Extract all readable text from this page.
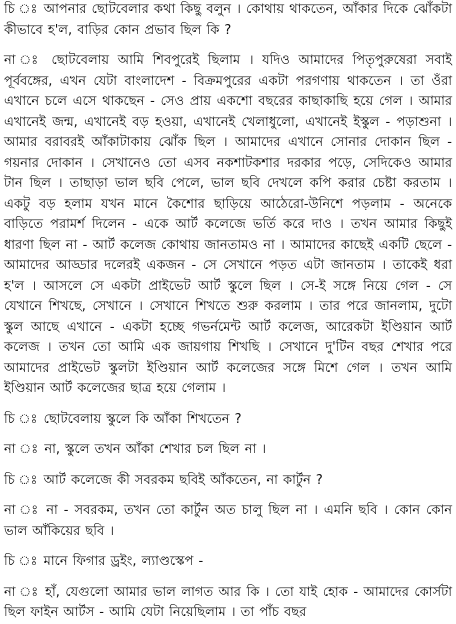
চি আপনার ছোটবেলার কথা কিছু বলুন । কোথায় থাকতেন, আঁকার দিকে ঝোঁকটা কীভাবে হ'ল, বাড়ির কোন প্রভাব ছিল কি ?

না	ছোটবেলায় আমি শিবপুরেই ছিলাম । যদিও আমাদের পিতৃপুরুষেরা সবাই পূর্ববঙ্গের, এখন যেটা বাংলাদেশ - বিক্রমপুরের একটা পরগণায় থাকতেন । তা ওঁরা এখানে চলে এসে থাকছেন - সেও প্রায় একশো বছরের কাছাকাছি হয়ে গেল । আমার এখানেই জন্ম, এখানেই বড় হওয়া, এখানেই খেলাধুলো, এখানেই ইস্কুল - পড়াশুনা । আমার বরাবরই আঁকাটাকায় ঝোঁক ছিল । আমাদের এখানে সোনার দোকান ছিল - গয়নার দোকান । সেখানেও তো এসব নকশাটকশার দরকার পড়ে, সেদিকেও আমার টান ছিল । তাছাড়া ভাল ছবি পেলে, ভাল ছবি দেখলে কপি করার চেষ্টা করতাম । একটু বড় হলাম যখন মানে কৈশোর ছাড়িয়ে আঠেরো-উনিশে পড়লাম - অনেকে বাড়িতে পরামর্শ দিলেন - একে আর্ট কলেজে ভর্তি করে দাও । তখন আমার কিছুই ধারণা ছিল না - আর্ট কলেজ কোথায় জানতামও না । আমাদের কাছেই একটি ছেলে - আমাদের আড্ডার দলেরই একজন - সে সেখানে পড়ত এটা জানতাম । তাকেই ধরা হ'ল । আসলে সে একটা প্রাইভেট আর্ট স্কুলে ছিল । সে-ই সঙ্গে নিয়ে গেল - সে যেখানে শিখছে, সেখানে । সেখানে শিখতে শুরু করলাম । তার পরে জানলাম, দুটো স্কুল আছে এখানে - একটা হচ্ছে গভর্নমেন্ট আর্ট কলেজ, আরেকটা ইণ্ডিয়ান আর্ট কলেজ । তখন তো আমি এক জায়গায় শিখছি । সেখানে দু'টিন বছর শেখার পরে আমাদের প্রাইভেট স্কুলটা ইণ্ডিয়ান আর্ট কলেজের সঙ্গে মিশে গেল । তখন আমি ইণ্ডিয়ান আর্ট কলেজের ছাত্র হয়ে গেলাম ।

চি ছোটবেলায় স্কুলে কি আঁকা শিখতেন ?

না না, স্কুলে তখন আঁকা শেখার চল ছিল না ।

চি আর্ট কলেজে কী সবরকম ছবিই আঁকতেন, না কার্টুন ?

না না - সবরকম, তখন তো কার্টুন অত চালু ছিল না । এমনি ছবি । কোন কোন ভাল আঁকিয়ের ছবি ।

চি মানে ফিগার ড্রইং, ল্যাণ্ডস্কেপ -

না হাঁ, যেগুলো আমার ভাল লাগত আর কি । তো যাই হোক - আমাদের কোর্সটা ছিল ফাইন আর্টস - আমি যেটা নিয়েছিলাম । তা পাঁচ বছর
